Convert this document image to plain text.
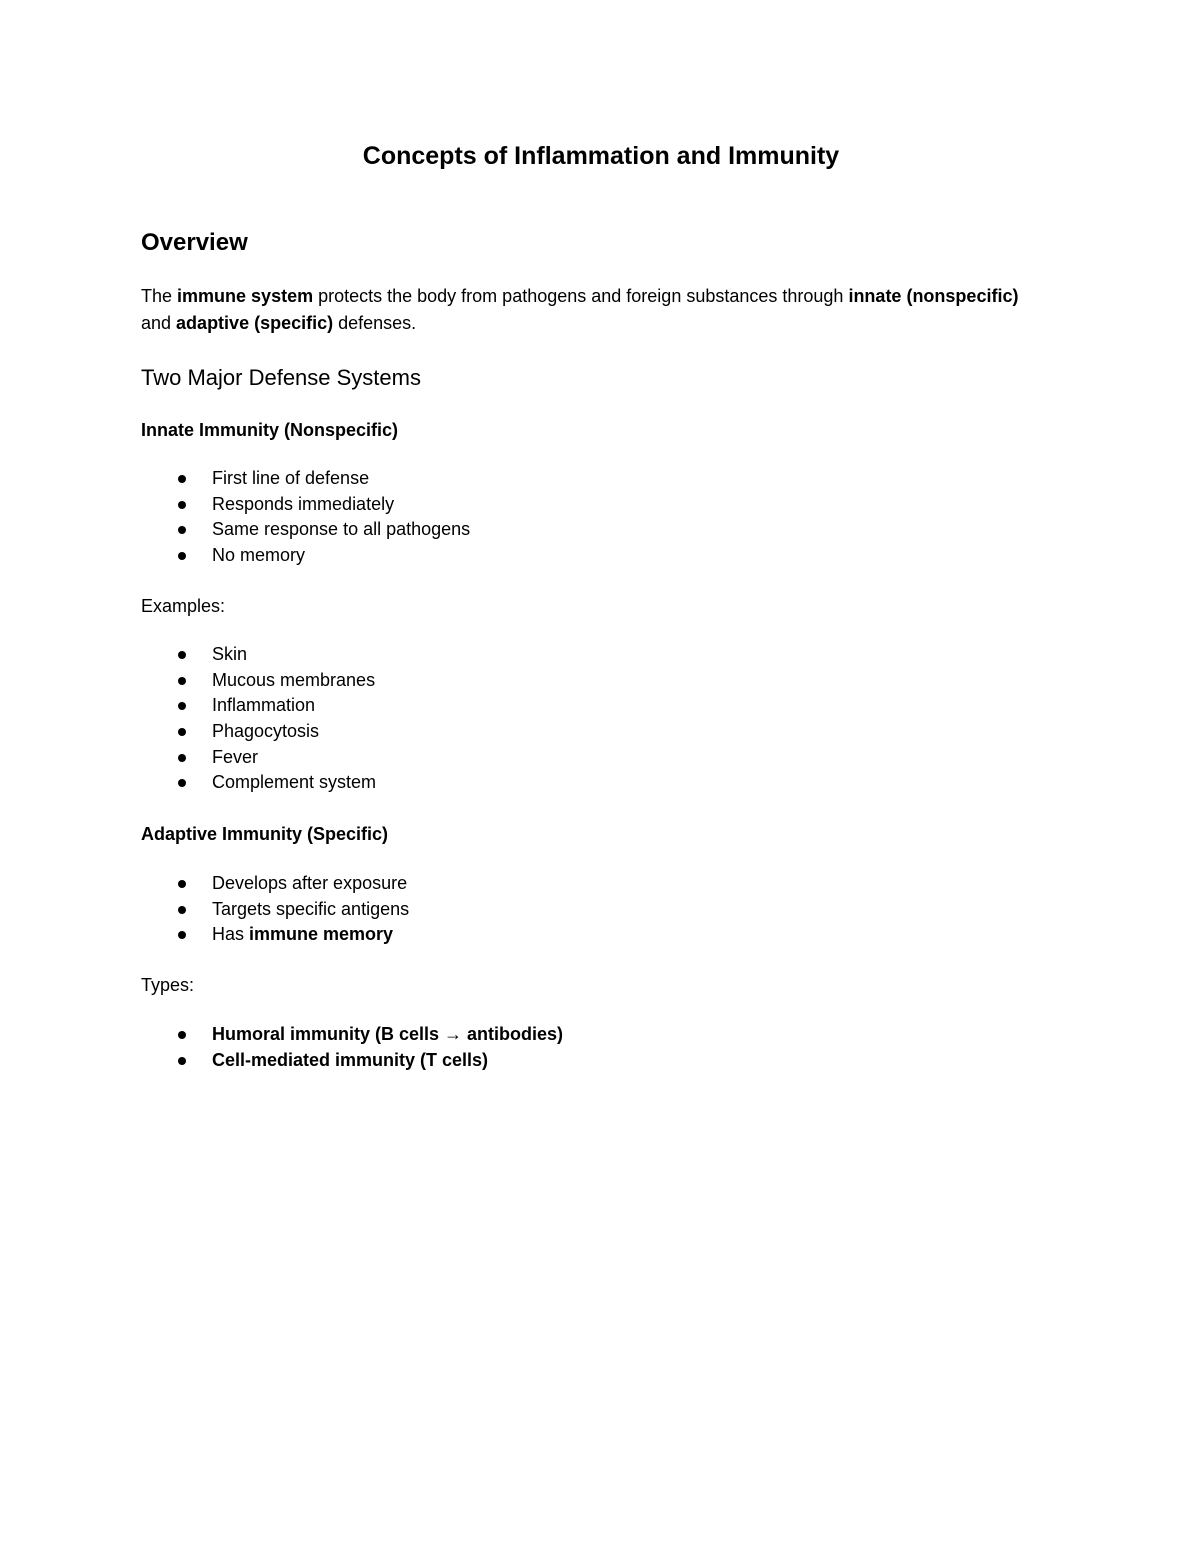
Concepts of Inflammation and Immunity
Overview

The immune system protects the body from pathogens and foreign substances through innate (nonspecific) and adaptive (specific) defenses.

Two Major Defense Systems
Innate Immunity (Nonspecific)
First line of defense
Responds immediately
Same response to all pathogens
No memory

Examples:

Skin
Mucous membranes
Inflammation
Phagocytosis
Fever
Complement system
Adaptive Immunity (Specific)
Develops after exposure
Targets specific antigens
Has immune memory

Types:

Humoral immunity (B cells → antibodies)
Cell-mediated immunity (T cells)
